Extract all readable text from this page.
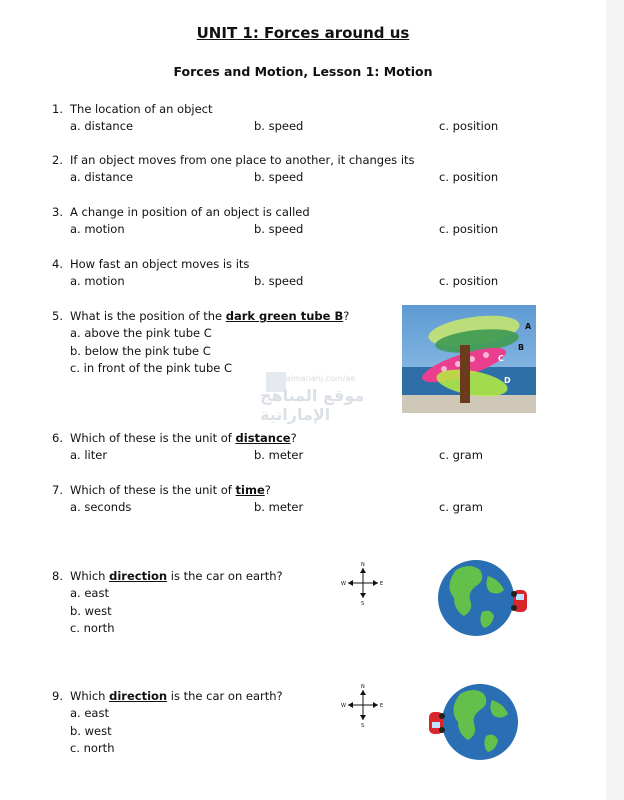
UNIT 1: Forces around us
Forces and Motion, Lesson 1: Motion
1. The location of an object
a. distance	b. speed	c. position
2. If an object moves from one place to another, it changes its
a. distance	b. speed	c. position
3. A change in position of an object is called
a. motion	b. speed	c. position
4. How fast an object moves is its
a. motion	b. speed	c. position
5. What is the position of the dark green tube B?
a. above the pink tube C
b. below the pink tube C
c. in front of the pink tube C
A
B
C
D
almanahj.com/ae
موقع المناهج الإماراتية
6. Which of these is the unit of distance?
a. liter	b. meter	c. gram
7. Which of these is the unit of time?
a. seconds	b. meter	c. gram
8. Which direction is the car on earth?
a. east
b. west
c. north
N
S
W	E
9. Which direction is the car on earth?
a. east
b. west
c. north
N
S
W	E
